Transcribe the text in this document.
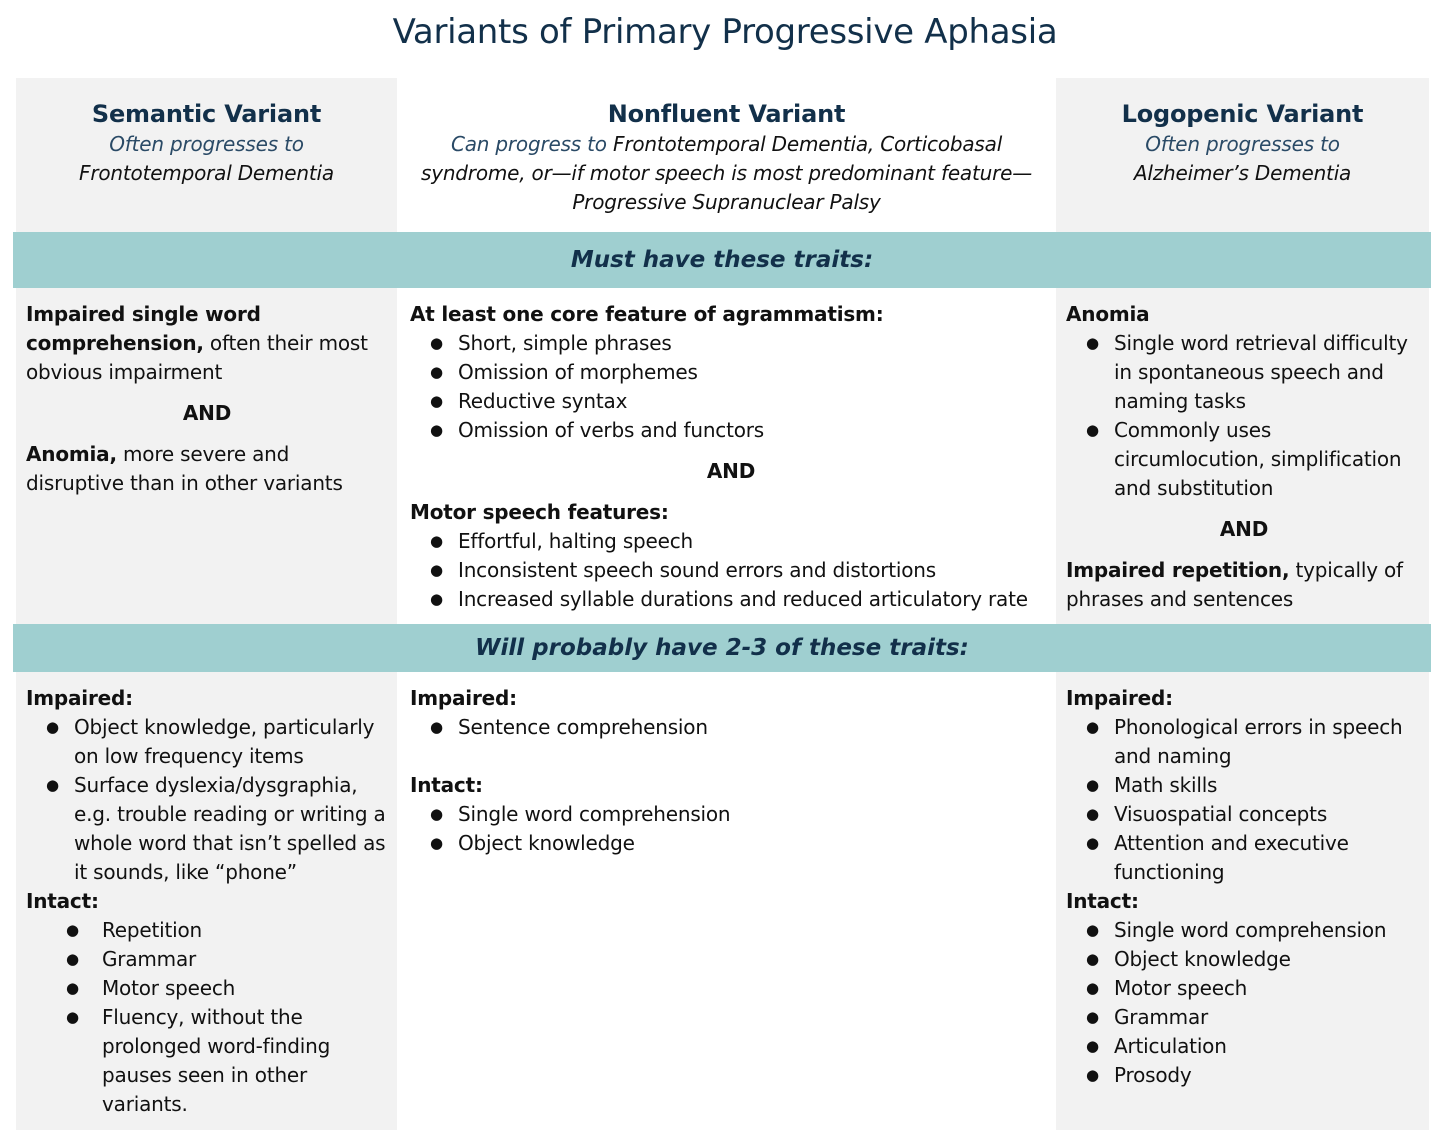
Variants of Primary Progressive Aphasia
Semantic Variant
Often progresses to Frontotemporal Dementia
Nonfluent Variant
Can progress to Frontotemporal Dementia, Corticobasal syndrome, or—if motor speech is most predominant feature—Progressive Supranuclear Palsy
Logopenic Variant
Often progresses to Alzheimer’s Dementia
Must have these traits:
Impaired single word comprehension, often their most obvious impairment
AND
Anomia, more severe and disruptive than in other variants
At least one core feature of agrammatism:
● Short, simple phrases
● Omission of morphemes
● Reductive syntax
● Omission of verbs and functors
AND
Motor speech features:
● Effortful, halting speech
● Inconsistent speech sound errors and distortions
● Increased syllable durations and reduced articulatory rate
Anomia
● Single word retrieval difficulty in spontaneous speech and naming tasks
● Commonly uses circumlocution, simplification and substitution
AND
Impaired repetition, typically of phrases and sentences
Will probably have 2-3 of these traits:
Impaired:
● Object knowledge, particularly on low frequency items
● Surface dyslexia/dysgraphia, e.g. trouble reading or writing a whole word that isn’t spelled as it sounds, like “phone”
Intact:
● Repetition
● Grammar
● Motor speech
● Fluency, without the prolonged word-finding pauses seen in other variants.
Impaired:
● Sentence comprehension
Intact:
● Single word comprehension
● Object knowledge
Impaired:
● Phonological errors in speech and naming
● Math skills
● Visuospatial concepts
● Attention and executive functioning
Intact:
● Single word comprehension
● Object knowledge
● Motor speech
● Grammar
● Articulation
● Prosody
